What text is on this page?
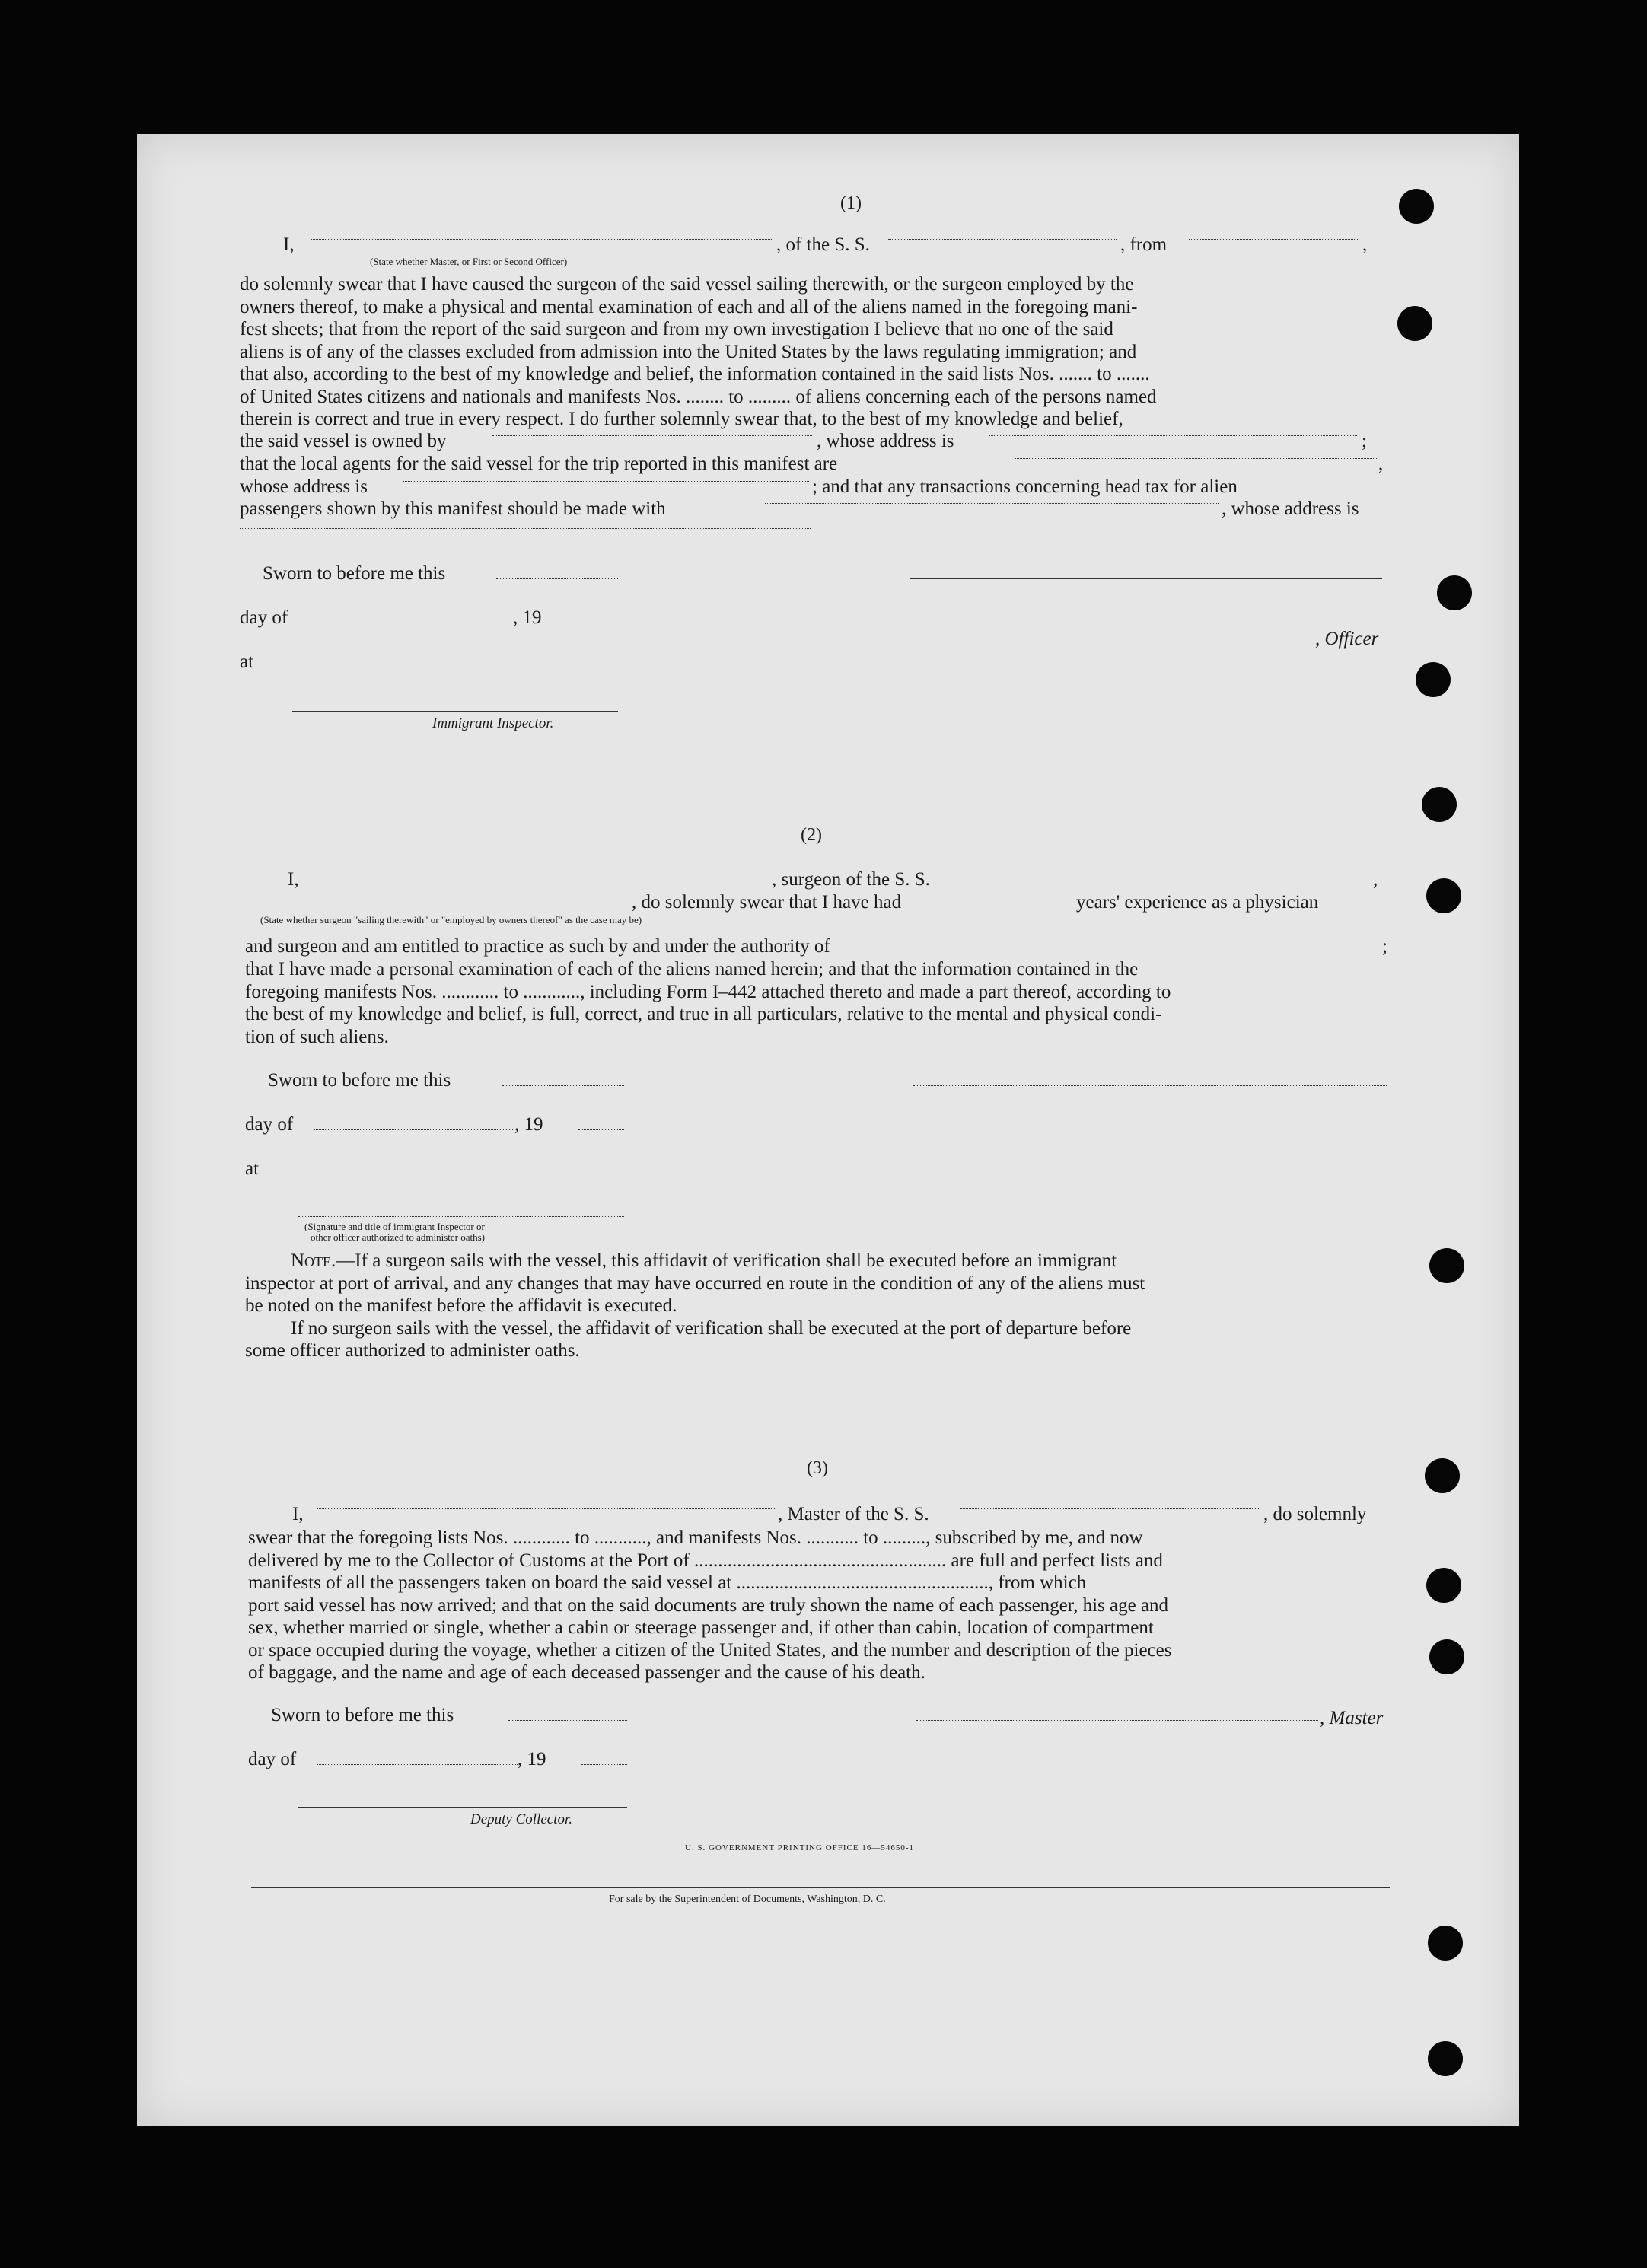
(1)
I,	, of the S. S.	, from	,
(State whether Master, or First or Second Officer)

do solemnly swear that I have caused the surgeon of the said vessel sailing therewith, or the surgeon employed by the

owners thereof, to make a physical and mental examination of each and all of the aliens named in the foregoing mani-

fest sheets; that from the report of the said surgeon and from my own investigation I believe that no one of the said

aliens is of any of the classes excluded from admission into the United States by the laws regulating immigration; and

that also, according to the best of my knowledge and belief, the information contained in the said lists Nos. ....... to .......

of United States citizens and nationals and manifests Nos. ........ to ......... of aliens concerning each of the persons named

therein is correct and true in every respect. I do further solemnly swear that, to the best of my knowledge and belief,

the said vessel is owned by	, whose address is	;
that the local agents for the said vessel for the trip reported in this manifest are	,
whose address is	; and that any transactions concerning head tax for alien
passengers shown by this manifest should be made with	, whose address is
Sworn to before me this
day of	, 19
, Officer
at
Immigrant Inspector.
(2)
I,	, surgeon of the S. S.	,
, do solemnly swear that I have had	years' experience as a physician
(State whether surgeon "sailing therewith" or "employed by owners thereof" as the case may be)
and surgeon and am entitled to practice as such by and under the authority of	;

that I have made a personal examination of each of the aliens named herein; and that the information contained in the

foregoing manifests Nos. ............ to ............, including Form I–442 attached thereto and made a part thereof, according to

the best of my knowledge and belief, is full, correct, and true in all particulars, relative to the mental and physical condi-

tion of such aliens.

Sworn to before me this
day of	, 19
at
(Signature and title of immigrant Inspector or
other officer authorized to administer oaths)

Note.—If a surgeon sails with the vessel, this affidavit of verification shall be executed before an immigrant

inspector at port of arrival, and any changes that may have occurred en route in the condition of any of the aliens must

be noted on the manifest before the affidavit is executed.

If no surgeon sails with the vessel, the affidavit of verification shall be executed at the port of departure before

some officer authorized to administer oaths.

(3)
I,	, Master of the S. S.	, do solemnly

swear that the foregoing lists Nos. ............ to ..........., and manifests Nos. ........... to ........., subscribed by me, and now

delivered by me to the Collector of Customs at the Port of ..................................................... are full and perfect lists and

manifests of all the passengers taken on board the said vessel at ....................................................., from which

port said vessel has now arrived; and that on the said documents are truly shown the name of each passenger, his age and

sex, whether married or single, whether a cabin or steerage passenger and, if other than cabin, location of compartment

or space occupied during the voyage, whether a citizen of the United States, and the number and description of the pieces

of baggage, and the name and age of each deceased passenger and the cause of his death.

Sworn to before me this	, Master
day of	, 19
Deputy Collector.
U. S. GOVERNMENT PRINTING OFFICE 16—54650-1
For sale by the Superintendent of Documents, Washington, D. C.
